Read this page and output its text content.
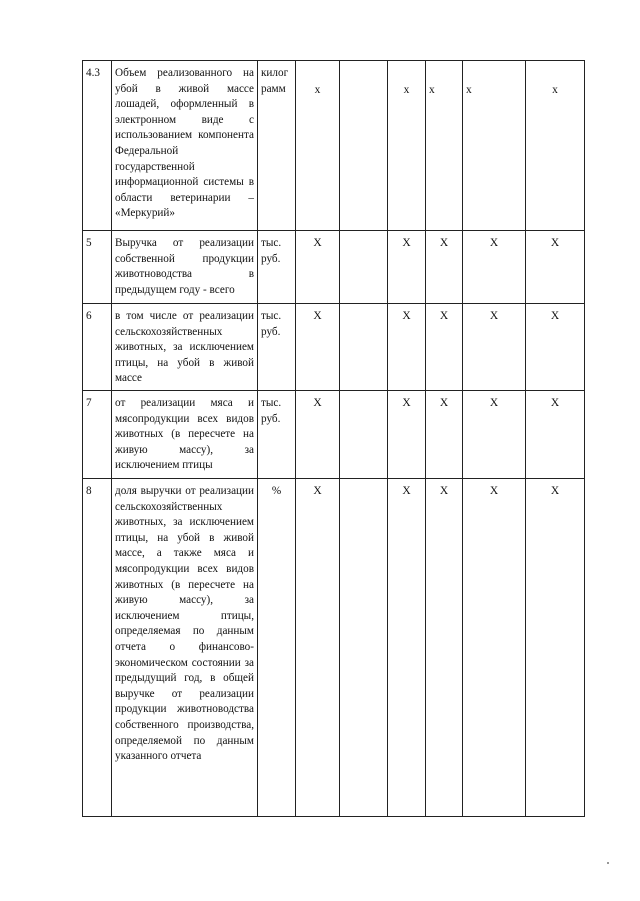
4.3	Объем реализованного на убой в живой массе лошадей, оформленный в электронном виде с использованием компонента Федеральной государственной информационной системы в области ветеринарии – «Меркурий»	килог рамм	x		x	x	x	x
5	Выручка от реализации собственной продукции животноводства в предыдущем году - всего	тыс. руб.	X		X	X	X	X
6	в том числе от реализации сельскохозяйственных животных, за исключением птицы, на убой в живой массе	тыс. руб.	X		X	X	X	X
7	от реализации мяса и мясопродукции всех видов животных (в пересчете на живую массу), за исключением птицы	тыс. руб.	X		X	X	X	X
8	доля выручки от реализации сельскохозяйственных животных, за исключением птицы, на убой в живой массе, а также мяса и мясопродукции всех видов животных (в пересчете на живую массу), за исключением птицы, определяемая по данным отчета о финансово-экономическом состоянии за предыдущий год, в общей выручке от реализации продукции животноводства собственного производства, определяемой по данным указанного отчета	%	X		X	X	X	X
